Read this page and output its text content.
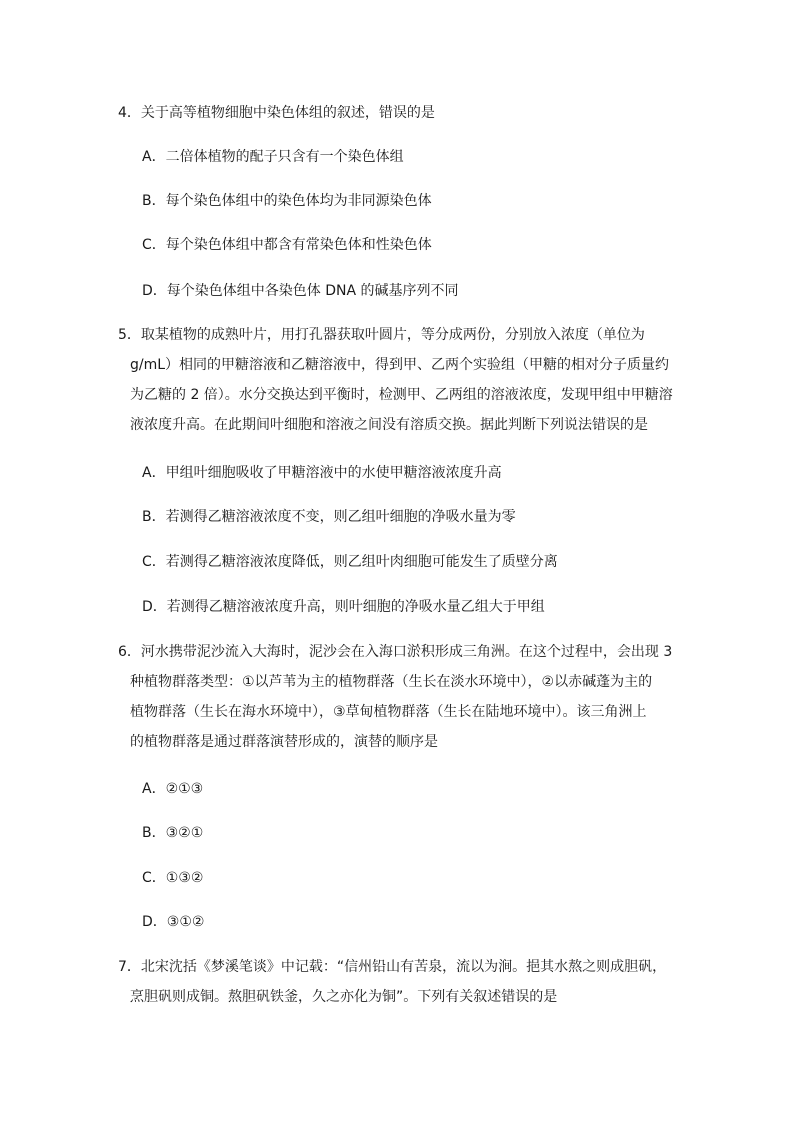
4．关于高等植物细胞中染色体组的叙述，错误的是
A．二倍体植物的配子只含有一个染色体组
B．每个染色体组中的染色体均为非同源染色体
C．每个染色体组中都含有常染色体和性染色体
D．每个染色体组中各染色体 DNA 的碱基序列不同
5．取某植物的成熟叶片，用打孔器获取叶圆片，等分成两份，分别放入浓度（单位为
g/mL）相同的甲糖溶液和乙糖溶液中，得到甲、乙两个实验组（甲糖的相对分子质量约
为乙糖的 2 倍）。水分交换达到平衡时，检测甲、乙两组的溶液浓度，发现甲组中甲糖溶
液浓度升高。在此期间叶细胞和溶液之间没有溶质交换。据此判断下列说法错误的是
A．甲组叶细胞吸收了甲糖溶液中的水使甲糖溶液浓度升高
B．若测得乙糖溶液浓度不变，则乙组叶细胞的净吸水量为零
C．若测得乙糖溶液浓度降低，则乙组叶肉细胞可能发生了质壁分离
D．若测得乙糖溶液浓度升高，则叶细胞的净吸水量乙组大于甲组
6．河水携带泥沙流入大海时，泥沙会在入海口淤积形成三角洲。在这个过程中，会出现 3
种植物群落类型：①以芦苇为主的植物群落（生长在淡水环境中），②以赤碱蓬为主的
植物群落（生长在海水环境中），③草甸植物群落（生长在陆地环境中）。该三角洲上
的植物群落是通过群落演替形成的，演替的顺序是
A．②①③
B．③②①
C．①③②
D．③①②
7．北宋沈括《梦溪笔谈》中记载：“信州铅山有苦泉，流以为涧。挹其水熬之则成胆矾，
烹胆矾则成铜。熬胆矾铁釜，久之亦化为铜”。下列有关叙述错误的是
